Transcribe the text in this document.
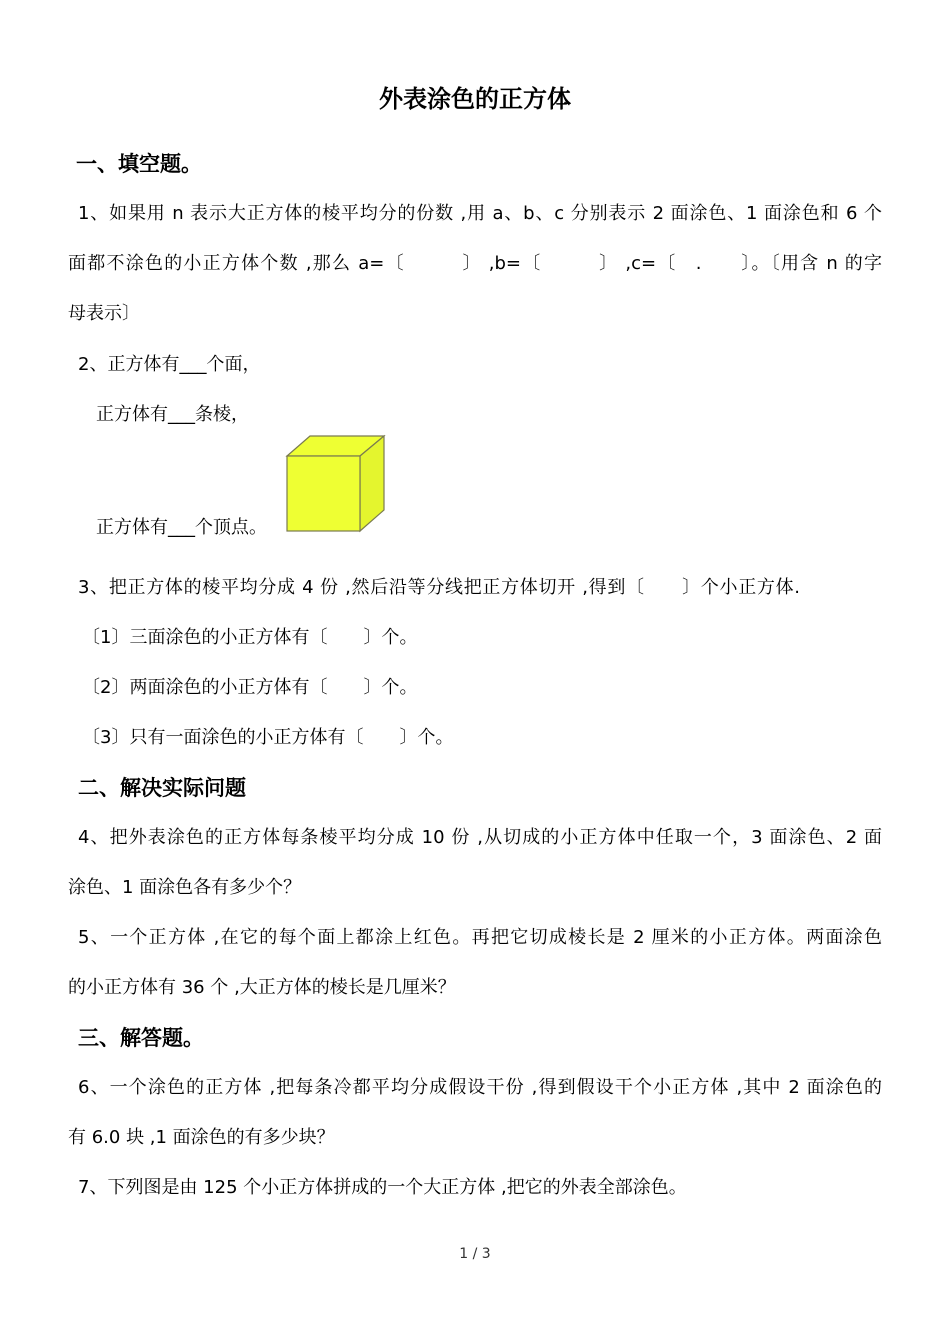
外表涂色的正方体
一、填空题。
1、如果用 n 表示大正方体的棱平均分的份数 ,用 a、b、c 分别表示 2 面涂色、1 面涂色和 6 个
面都不涂色的小正方体个数 ,那么 a=〔　　　〕 ,b=〔　　　〕 ,c=〔　.　　〕。〔用含 n 的字
母表示〕
2、正方体有___个面，
正方体有___条棱，
正方体有___个顶点。
3、把正方体的棱平均分成 4 份 ,然后沿等分线把正方体切开 ,得到〔　　〕个小正方体.
〔1〕三面涂色的小正方体有〔　　〕个。
〔2〕两面涂色的小正方体有〔　　〕个。
〔3〕只有一面涂色的小正方体有〔　　〕个。
二、解决实际问题
4、把外表涂色的正方体每条棱平均分成 10 份 ,从切成的小正方体中任取一个，3 面涂色、2 面
涂色、1 面涂色各有多少个？
5、一个正方体 ,在它的每个面上都涂上红色。再把它切成棱长是 2 厘米的小正方体。两面涂色
的小正方体有 36 个 ,大正方体的棱长是几厘米？
三、解答题。
6、一个涂色的正方体 ,把每条冷都平均分成假设干份 ,得到假设干个小正方体 ,其中 2 面涂色的
有 6.0 块 ,1 面涂色的有多少块？
7、下列图是由 125 个小正方体拼成的一个大正方体 ,把它的外表全部涂色。
1 / 3
